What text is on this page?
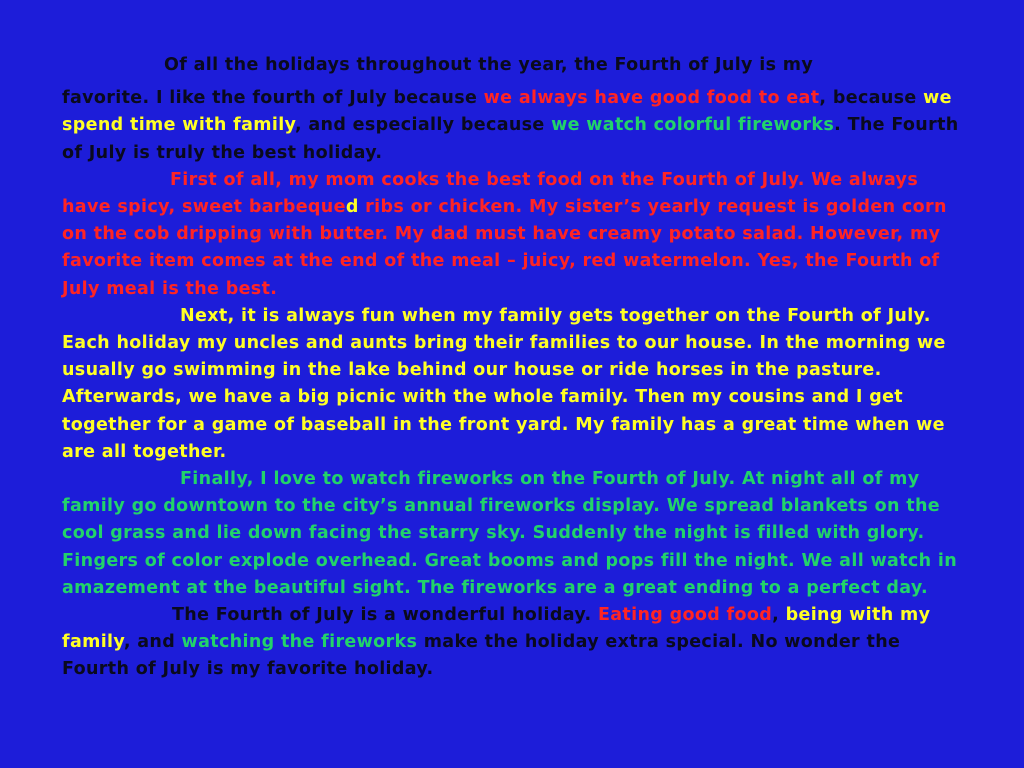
Of all the holidays throughout the year, the Fourth of July is my
favorite. I like the fourth of July because we always have good food to eat, because we spend time with family, and especially because we watch colorful fireworks. The Fourth of July is truly the best holiday.

First of all, my mom cooks the best food on the Fourth of July. We always have spicy, sweet barbequed ribs or chicken. My sister’s yearly request is golden corn on the cob dripping with butter. My dad must have creamy potato salad. However, my favorite item comes at the end of the meal – juicy, red watermelon. Yes, the Fourth of July meal is the best.

Next, it is always fun when my family gets together on the Fourth of July. Each holiday my uncles and aunts bring their families to our house. In the morning we usually go swimming in the lake behind our house or ride horses in the pasture. Afterwards, we have a big picnic with the whole family. Then my cousins and I get together for a game of baseball in the front yard. My family has a great time when we are all together.

Finally, I love to watch fireworks on the Fourth of July. At night all of my family go downtown to the city’s annual fireworks display. We spread blankets on the cool grass and lie down facing the starry sky. Suddenly the night is filled with glory. Fingers of color explode overhead. Great booms and pops fill the night. We all watch in amazement at the beautiful sight. The fireworks are a great ending to a perfect day.

The Fourth of July is a wonderful holiday. Eating good food, being with my family, and watching the fireworks make the holiday extra special. No wonder the Fourth of July is my favorite holiday.
